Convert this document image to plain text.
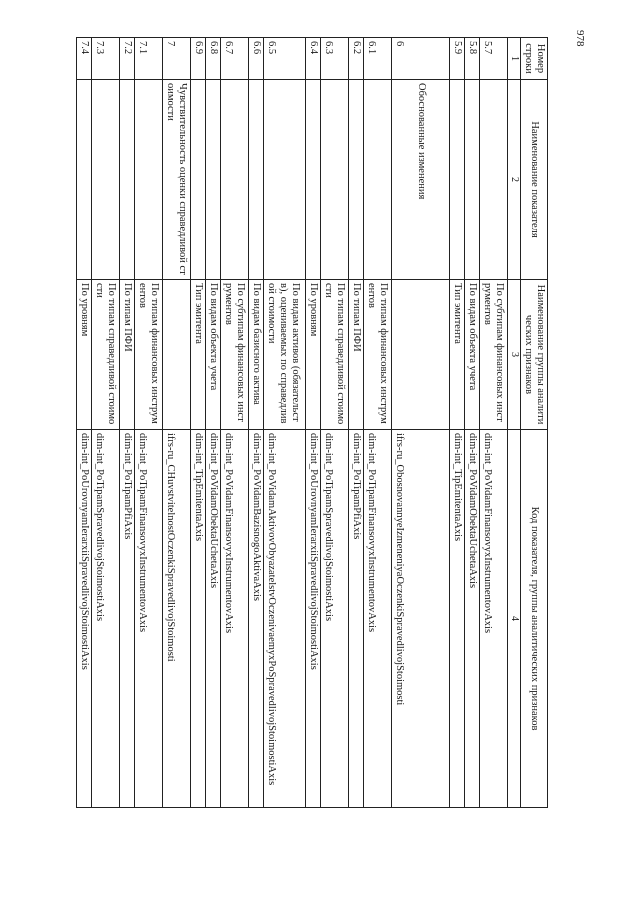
978
Номер строки	Наименование показателя	Наименование группы аналитических признаков	Код показателя, группы аналитических признаков
1	2	3	4
5.7		По субтипам финансовых инструментов	dim-int_PoVidamFinansovyxInstrumentovAxis
5.8		По видам объекта учета	dim-int_PoVidamObektaUchetaAxis
5.9		Тип эмитента	dim-int_TipEmitentaAxis
6	Обоснованные изменения		ifrs-ru_ObosnovannyeIzmeneniyaOczenkiSpravedlivojStoimosti
6.1		По типам финансовых инструментов	dim-int_PoTipamFinansovyxInstrumentovAxis
6.2		По типам ПФИ	dim-int_PoTipamPfiAxis
6.3		По типам справедливой стоимости	dim-int_PoTipamSpravedlivojStoimostiAxis
6.4		По уровням	dim-int_PoUrovnyamIerarxiiSpravedlivojStoimostiAxis
6.5		По видам активов (обязательств), оцениваемых по справедливой стоимости	dim-int_PoVidamAktivovObyazatelstvOczenivaemyxPoSpravedlivojStoimostiAxis
6.6		По видам базисного актива	dim-int_PoVidamBazisnogoAktivaAxis
6.7		По субтипам финансовых инструментов	dim-int_PoVidamFinansovyxInstrumentovAxis
6.8		По видам объекта учета	dim-int_PoVidamObektaUchetaAxis
6.9		Тип эмитента	dim-int_TipEmitentaAxis
7	Чувствительность оценки справедливой стоимости		ifrs-ru_CHuvstvitelnostOczenkiSpravedlivojStoimosti
7.1		По типам финансовых инструментов	dim-int_PoTipamFinansovyxInstrumentovAxis
7.2		По типам ПФИ	dim-int_PoTipamPfiAxis
7.3		По типам справедливой стоимости	dim-int_PoTipamSpravedlivojStoimostiAxis
7.4		По уровням	dim-int_PoUrovnyamIerarxiiSpravedlivojStoimostiAxis
